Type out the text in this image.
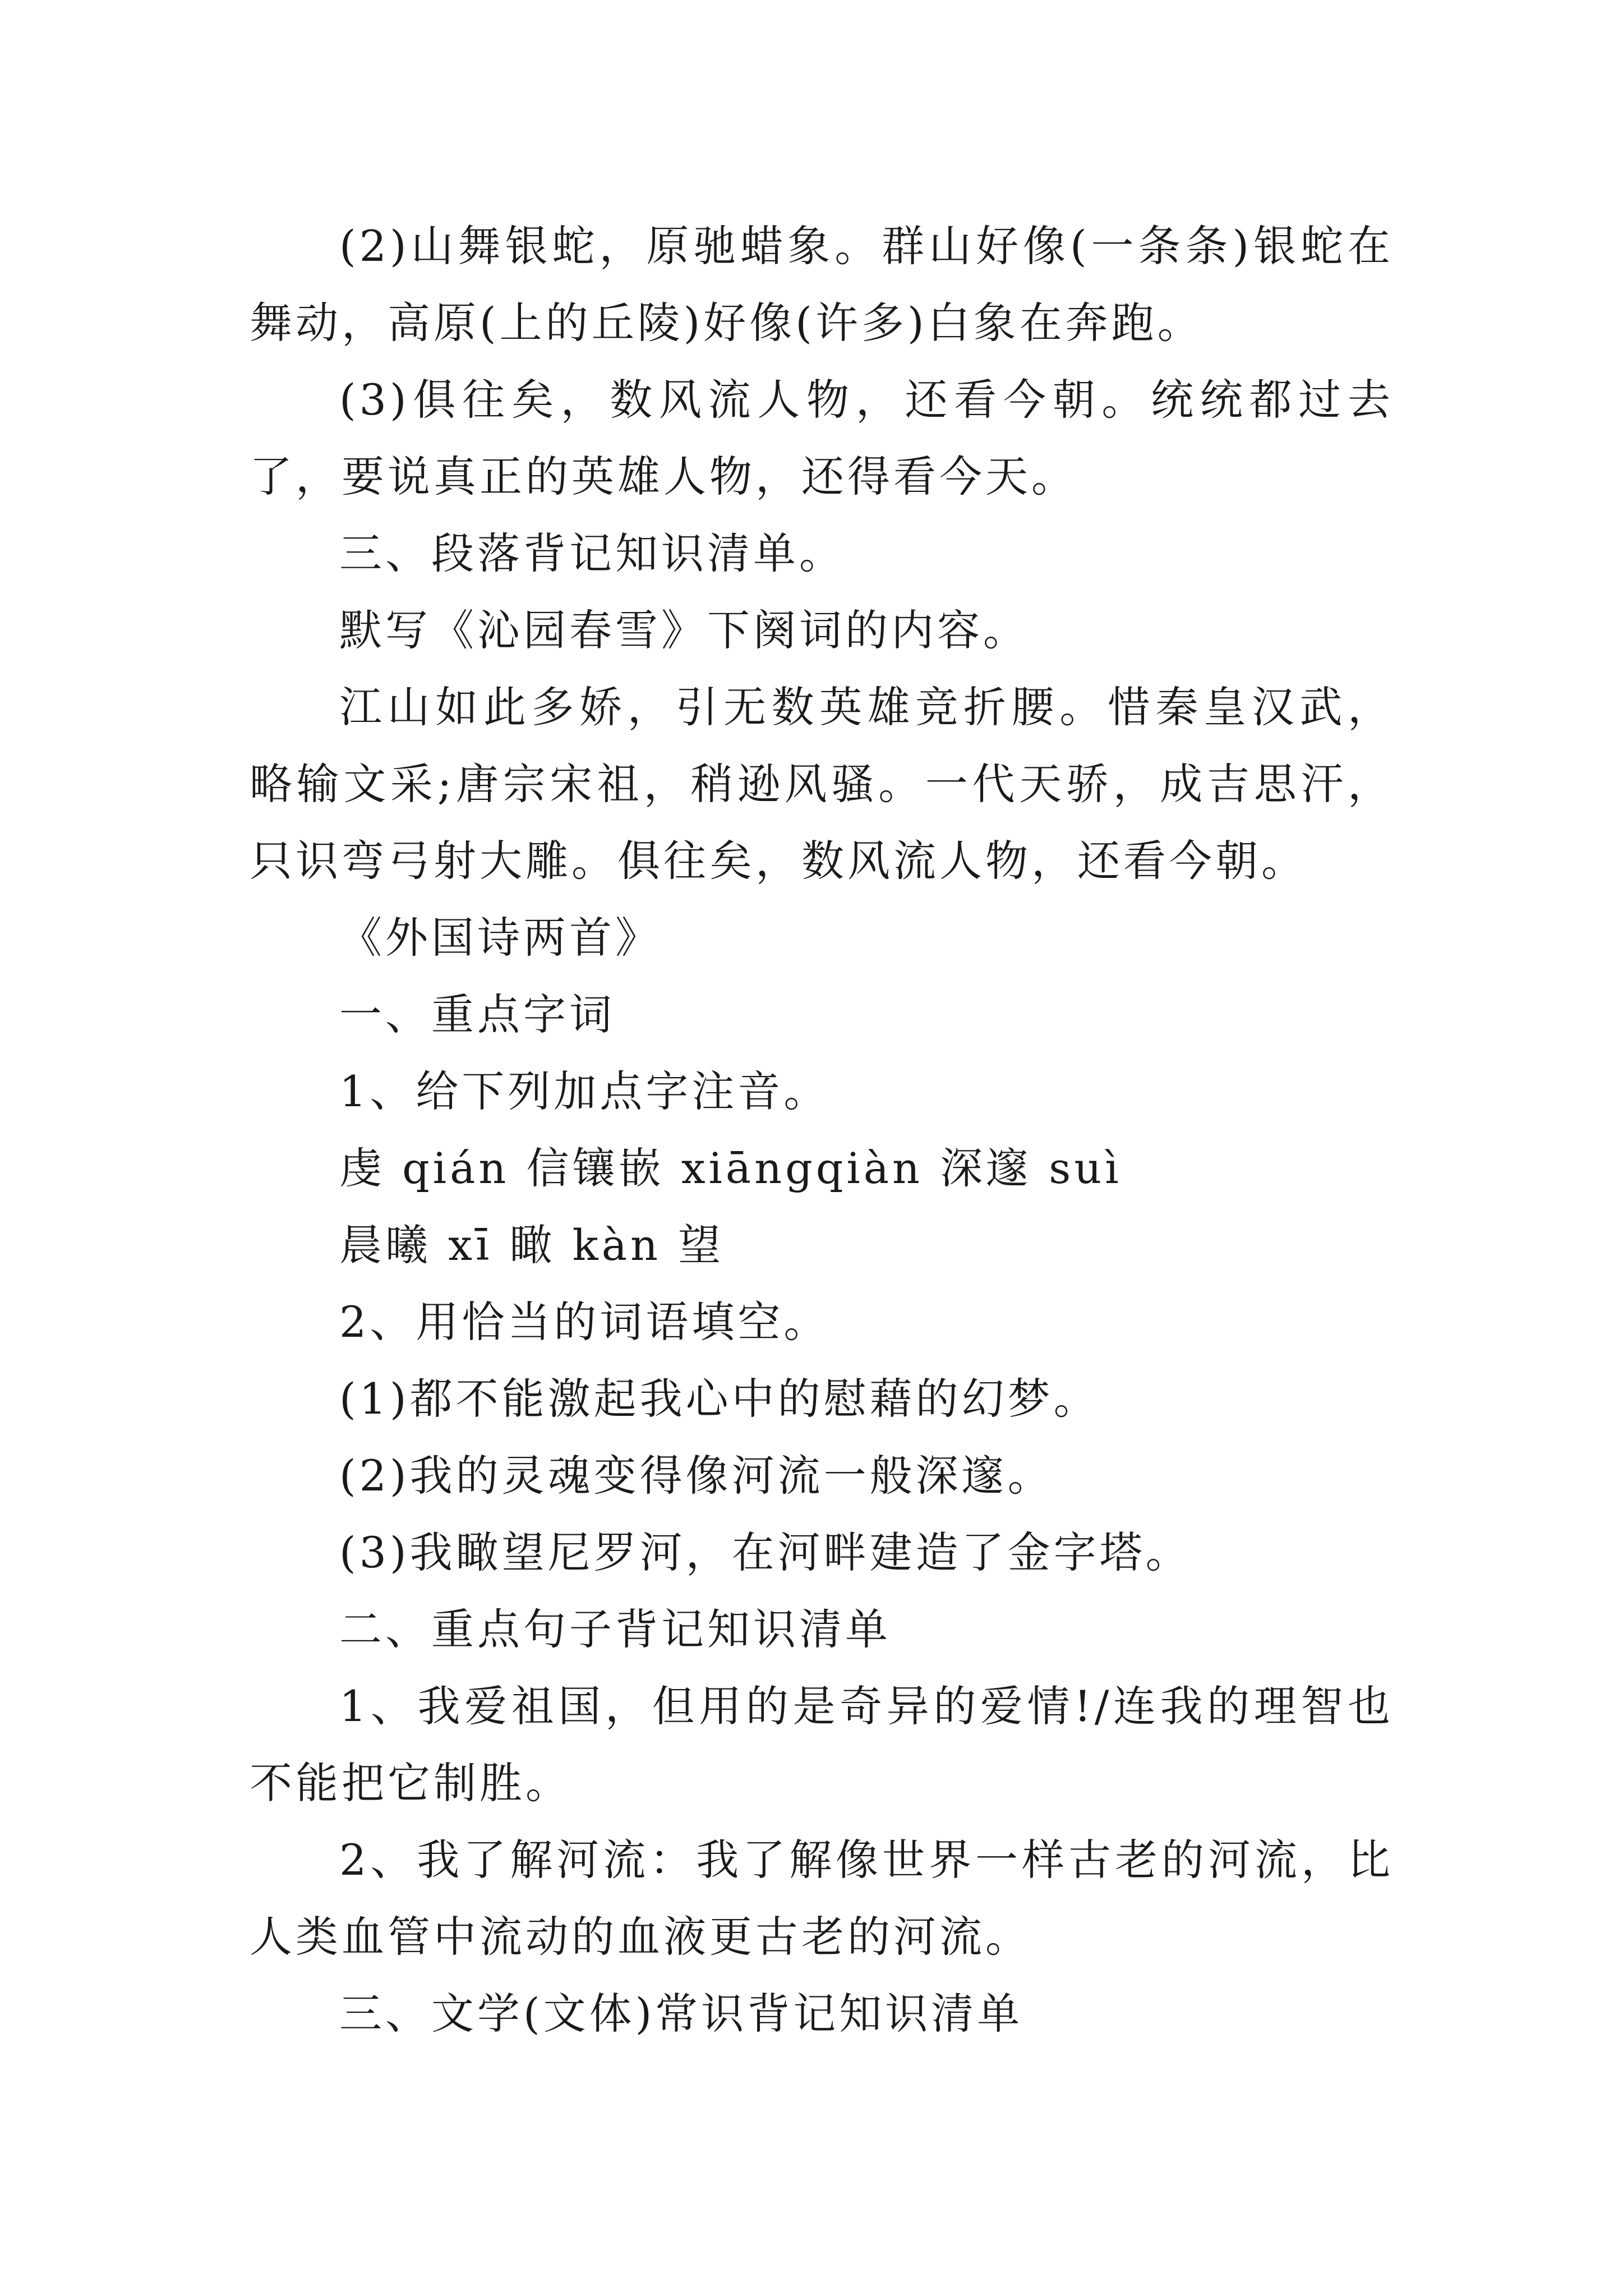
(2)山舞银蛇，原驰蜡象。群山好像(一条条)银蛇在舞动，高原(上的丘陵)好像(许多)白象在奔跑。

(3)俱往矣，数风流人物，还看今朝。统统都过去了，要说真正的英雄人物，还得看今天。

三、段落背记知识清单。

默写《沁园春雪》下阕词的内容。

江山如此多娇，引无数英雄竞折腰。惜秦皇汉武，略输文采;唐宗宋祖，稍逊风骚。一代天骄，成吉思汗，只识弯弓射大雕。俱往矣，数风流人物，还看今朝。

《外国诗两首》

一、重点字词

1、给下列加点字注音。

虔 qián 信镶嵌 xiāngqiàn 深邃 suì

晨曦 xī 瞰 kàn 望

2、用恰当的词语填空。

(1)都不能激起我心中的慰藉的幻梦。

(2)我的灵魂变得像河流一般深邃。

(3)我瞰望尼罗河，在河畔建造了金字塔。

二、重点句子背记知识清单

1、我爱祖国，但用的是奇异的爱情!/连我的理智也不能把它制胜。

2、我了解河流：我了解像世界一样古老的河流，比人类血管中流动的血液更古老的河流。

三、文学(文体)常识背记知识清单
